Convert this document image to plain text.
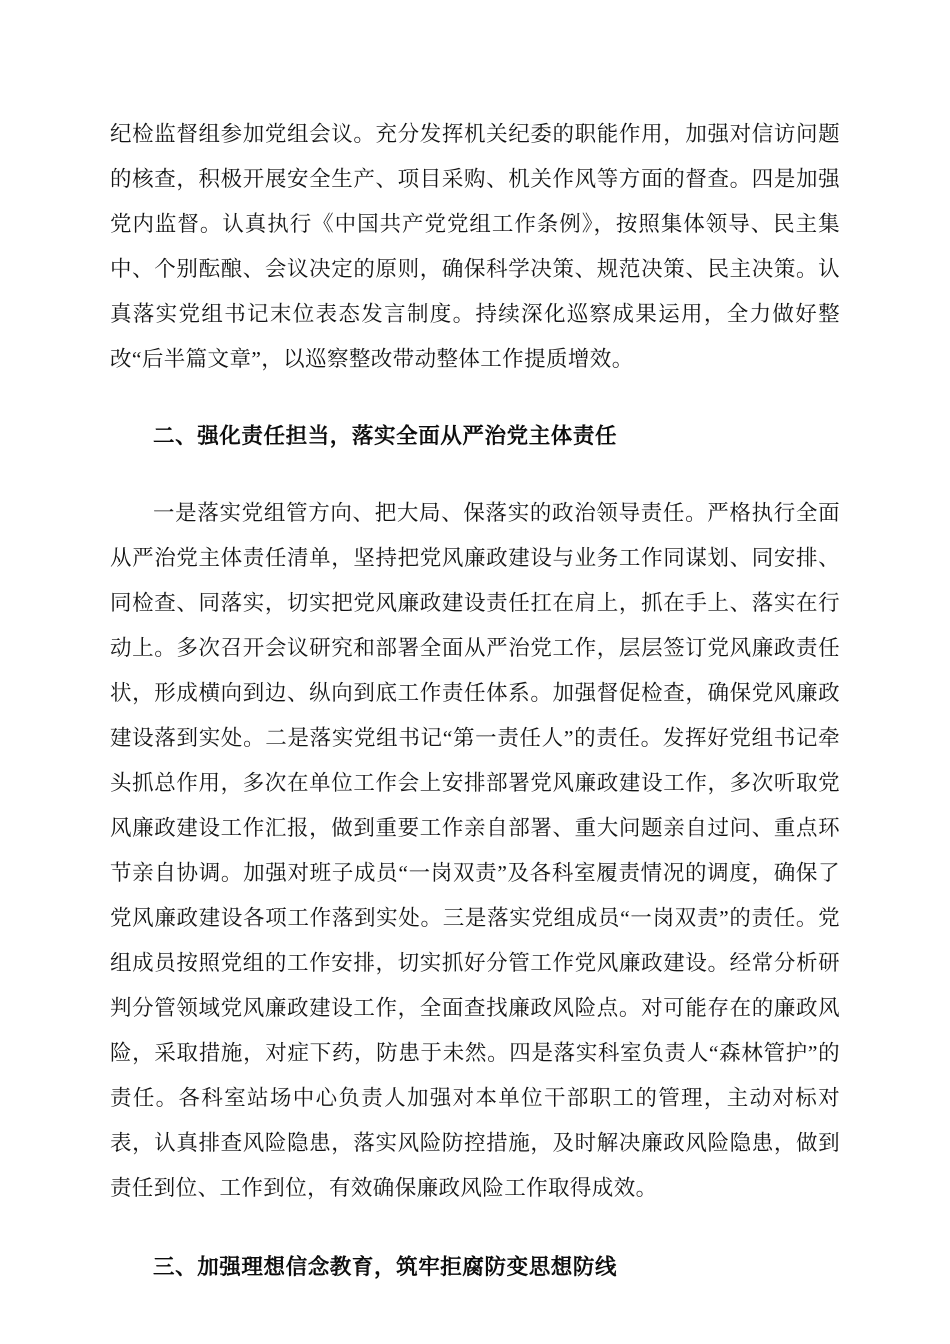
纪检监督组参加党组会议。充分发挥机关纪委的职能作用，加强对信访问题的核查，积极开展安全生产、项目采购、机关作风等方面的督查。四是加强党内监督。认真执行《中国共产党党组工作条例》，按照集体领导、民主集中、个别酝酿、会议决定的原则，确保科学决策、规范决策、民主决策。认真落实党组书记末位表态发言制度。持续深化巡察成果运用，全力做好整改“后半篇文章”，以巡察整改带动整体工作提质增效。

二、强化责任担当，落实全面从严治党主体责任

一是落实党组管方向、把大局、保落实的政治领导责任。严格执行全面从严治党主体责任清单，坚持把党风廉政建设与业务工作同谋划、同安排、同检查、同落实，切实把党风廉政建设责任扛在肩上，抓在手上、落实在行动上。多次召开会议研究和部署全面从严治党工作，层层签订党风廉政责任状，形成横向到边、纵向到底工作责任体系。加强督促检查，确保党风廉政建设落到实处。二是落实党组书记“第一责任人”的责任。发挥好党组书记牵头抓总作用，多次在单位工作会上安排部署党风廉政建设工作，多次听取党风廉政建设工作汇报，做到重要工作亲自部署、重大问题亲自过问、重点环节亲自协调。加强对班子成员“一岗双责”及各科室履责情况的调度，确保了党风廉政建设各项工作落到实处。三是落实党组成员“一岗双责”的责任。党组成员按照党组的工作安排，切实抓好分管工作党风廉政建设。经常分析研判分管领域党风廉政建设工作，全面查找廉政风险点。对可能存在的廉政风险，采取措施，对症下药，防患于未然。四是落实科室负责人“森林管护”的责任。各科室站场中心负责人加强对本单位干部职工的管理，主动对标对表，认真排查风险隐患，落实风险防控措施，及时解决廉政风险隐患，做到责任到位、工作到位，有效确保廉政风险工作取得成效。

三、加强理想信念教育，筑牢拒腐防变思想防线
